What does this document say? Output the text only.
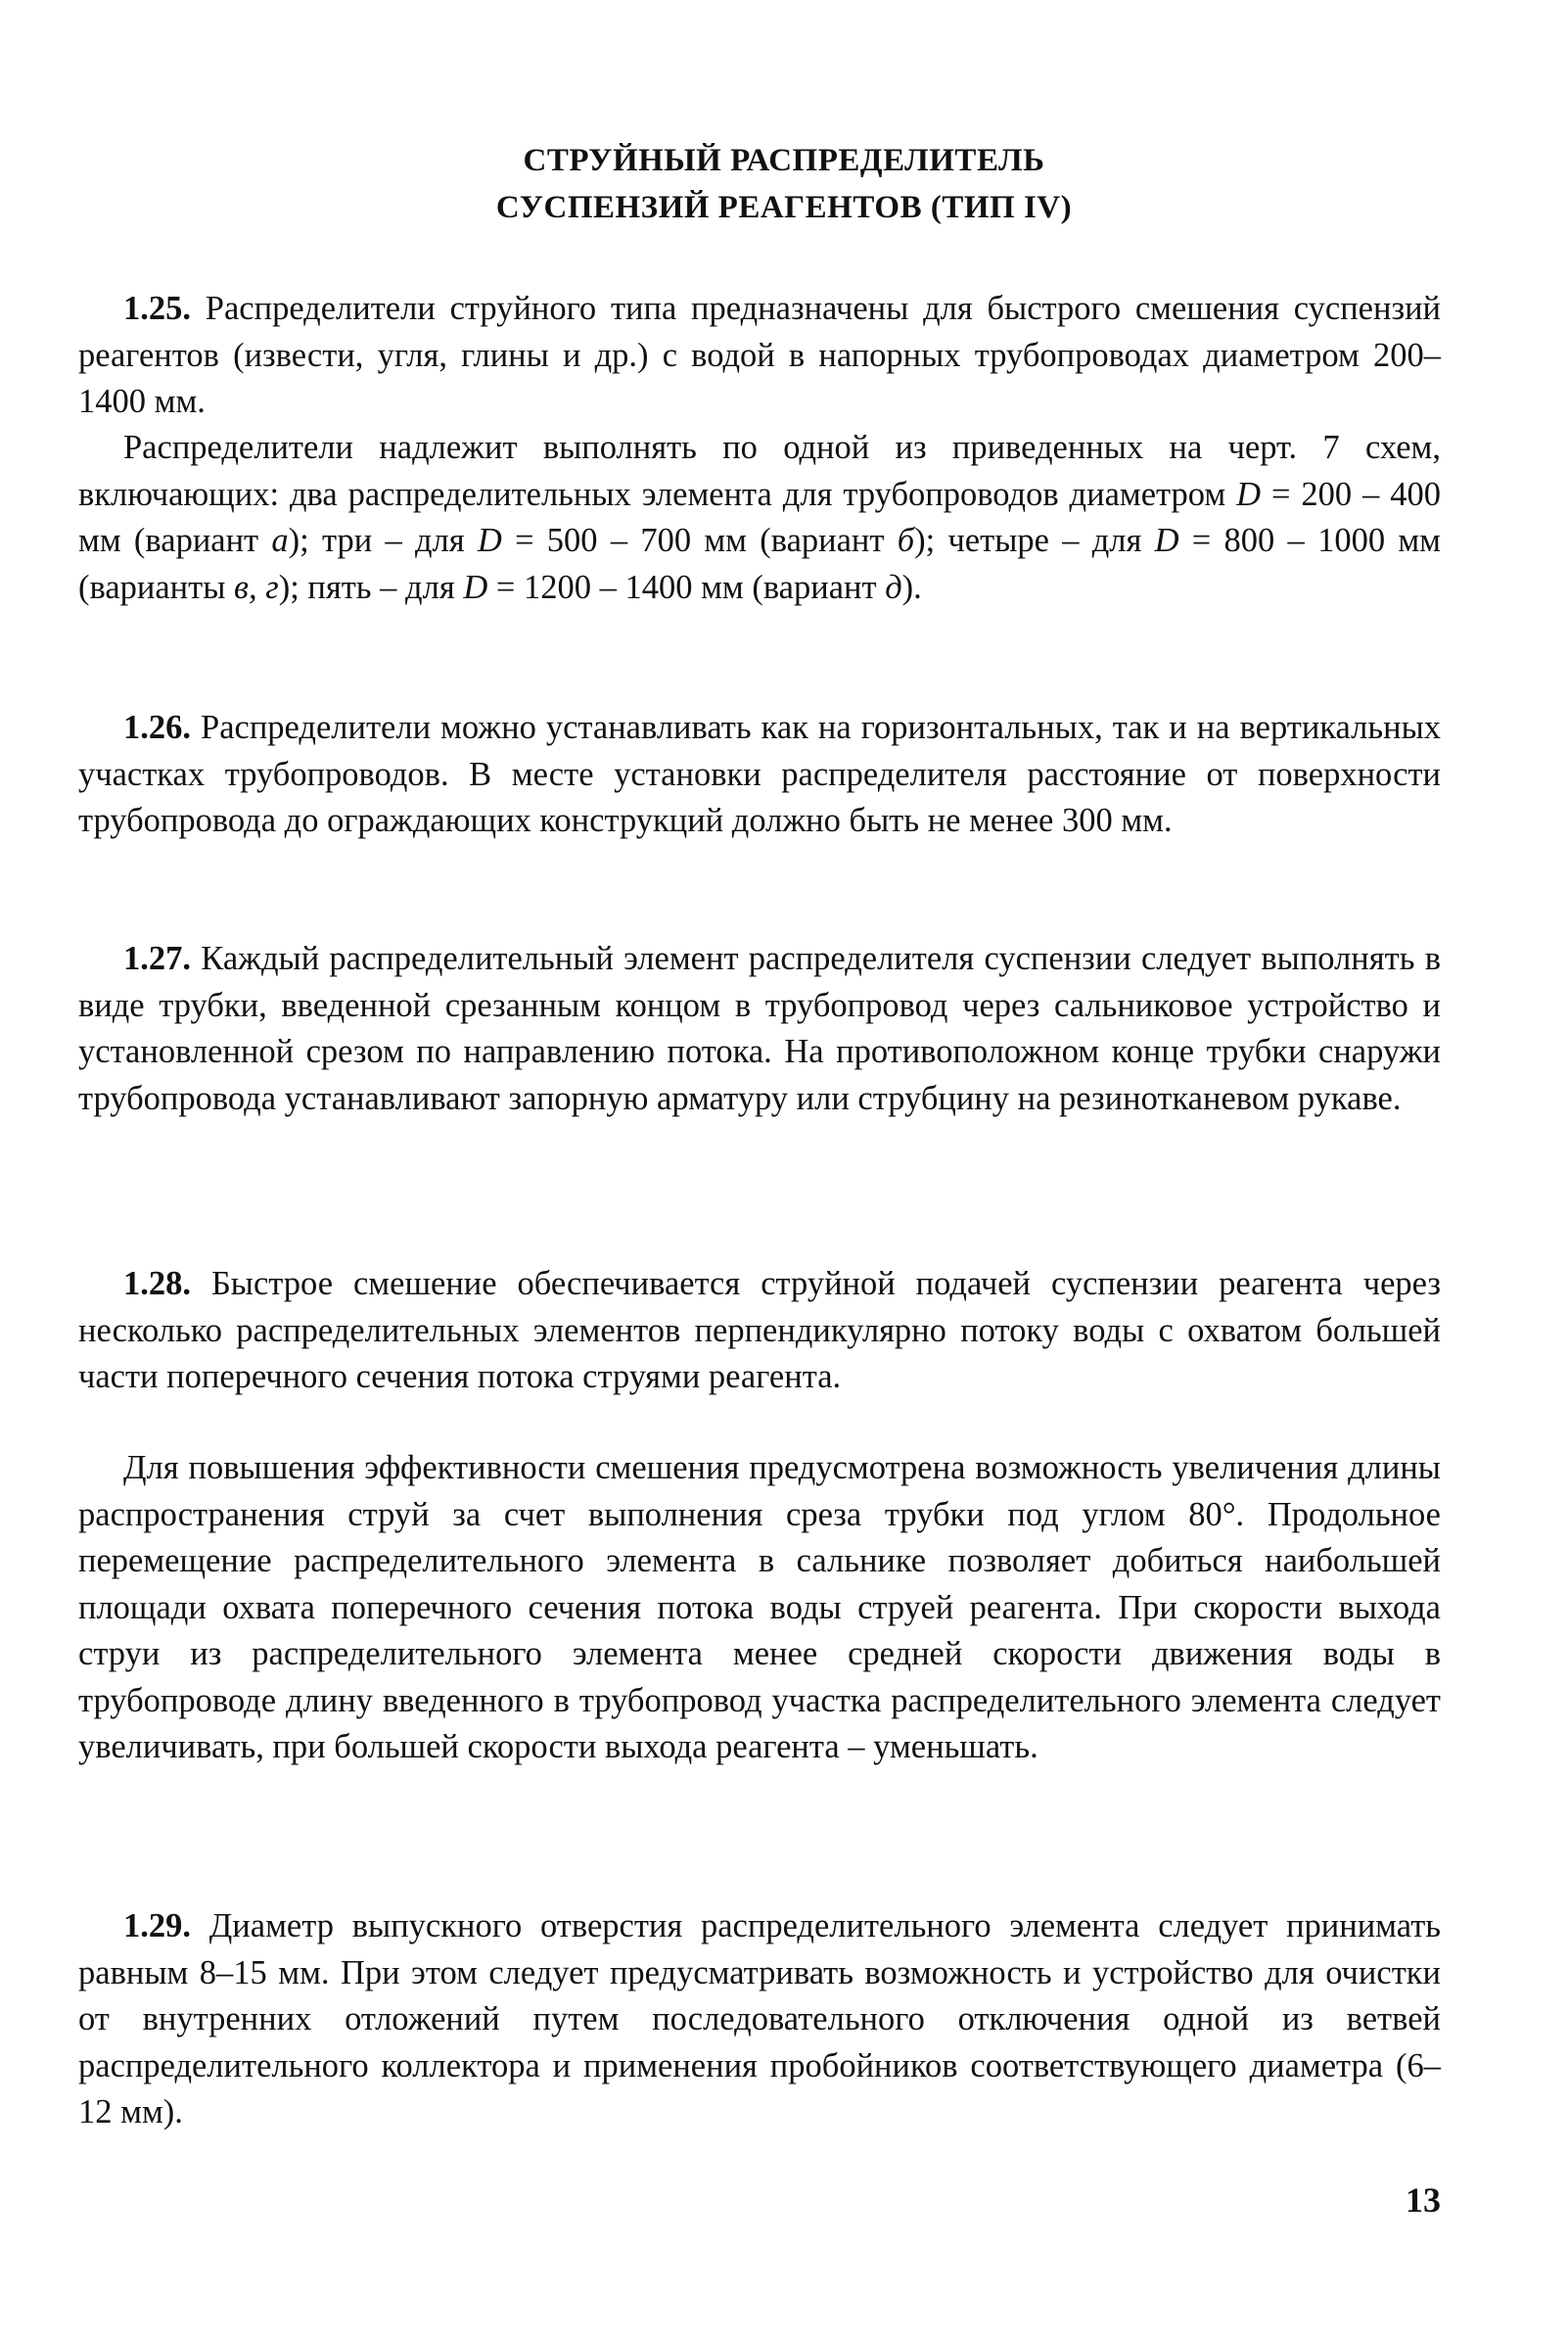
СТРУЙНЫЙ РАСПРЕДЕЛИТЕЛЬ
СУСПЕНЗИЙ РЕАГЕНТОВ (ТИП IV)

1.25. Распределители струйного типа предназначены для быстрого смешения суспензий реагентов (извести, угля, глины и др.) с водой в напорных трубопроводах диаметром 200–1400 мм.

Распределители надлежит выполнять по одной из приведенных на черт. 7 схем, включающих: два распределительных элемента для трубопроводов диаметром D = 200 – 400 мм (вариант а); три – для D = 500 – 700 мм (вариант б); четыре – для D = 800 – 1000 мм (варианты в, г); пять – для D = 1200 – 1400 мм (вариант д).

1.26. Распределители можно устанавливать как на горизонтальных, так и на вертикальных участках трубопроводов. В месте установки распределителя расстояние от поверхности трубопровода до ограждающих конструкций должно быть не менее 300 мм.

1.27. Каждый распределительный элемент распределителя суспензии следует выполнять в виде трубки, введенной срезанным концом в трубопровод через сальниковое устройство и установленной срезом по направлению потока. На противоположном конце трубки снаружи трубопровода устанавливают запорную арматуру или струбцину на резинотканевом рукаве.

1.28. Быстрое смешение обеспечивается струйной подачей суспензии реагента через несколько распределительных элементов перпендикулярно потоку воды с охватом большей части поперечного сечения потока струями реагента.

Для повышения эффективности смешения предусмотрена возможность увеличения длины распространения струй за счет выполнения среза трубки под углом 80°. Продольное перемещение распределительного элемента в сальнике позволяет добиться наибольшей площади охвата поперечного сечения потока воды струей реагента. При скорости выхода струи из распределительного элемента менее средней скорости движения воды в трубопроводе длину введенного в трубопровод участка распределительного элемента следует увеличивать, при большей скорости выхода реагента – уменьшать.

1.29. Диаметр выпускного отверстия распределительного элемента следует принимать равным 8–15 мм. При этом следует предусматривать возможность и устройство для очистки от внутренних отложений путем последовательного отключения одной из ветвей распределительного коллектора и применения пробойников соответствующего диаметра (6–12 мм).

13
